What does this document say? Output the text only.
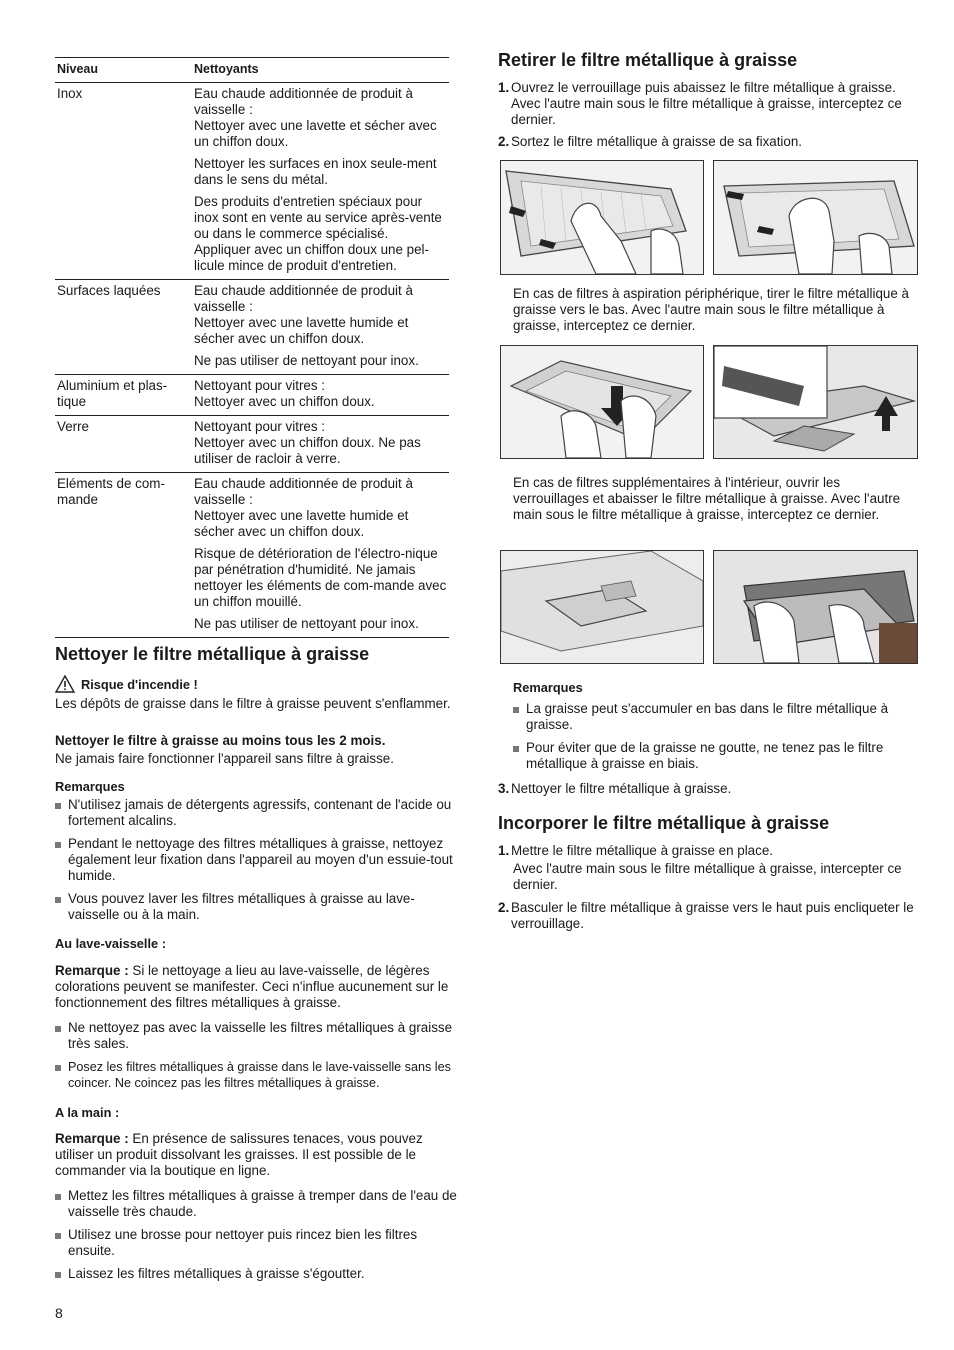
Niveau	Nettoyants
Inox	Eau chaude additionnée de produit à vaisselle :
Nettoyer avec une lavette et sécher avec un chiffon doux.

Nettoyer les surfaces en inox seule-ment dans le sens du métal.

Des produits d'entretien spéciaux pour inox sont en vente au service après-vente ou dans le commerce spécialisé. Appliquer avec un chiffon doux une pel-licule mince de produit d'entretien.

Surfaces laquées	Eau chaude additionnée de produit à vaisselle :
Nettoyer avec une lavette humide et sécher avec un chiffon doux.

Ne pas utiliser de nettoyant pour inox.

Aluminium et plas-tique	Nettoyant pour vitres :
Nettoyer avec un chiffon doux.

Verre	Nettoyant pour vitres :
Nettoyer avec un chiffon doux. Ne pas utiliser de racloir à verre.

Eléments de com-mande	Eau chaude additionnée de produit à vaisselle :
Nettoyer avec une lavette humide et sécher avec un chiffon doux.

Risque de détérioration de l'électro-nique par pénétration d'humidité. Ne jamais nettoyer les éléments de com-mande avec un chiffon mouillé.

Ne pas utiliser de nettoyant pour inox.

Nettoyer le filtre métallique à graisse
Risque d'incendie !

Les dépôts de graisse dans le filtre à graisse peuvent s'enflammer.

Nettoyer le filtre à graisse au moins tous les 2 mois.

Ne jamais faire fonctionner l'appareil sans filtre à graisse.

Remarques

N'utilisez jamais de détergents agressifs, contenant de l'acide ou fortement alcalins.
Pendant le nettoyage des filtres métalliques à graisse, nettoyez également leur fixation dans l'appareil au moyen d'un essuie-tout humide.
Vous pouvez laver les filtres métalliques à graisse au lave-vaisselle ou à la main.

Au lave-vaisselle :

Remarque : Si le nettoyage a lieu au lave-vaisselle, de légères colorations peuvent se manifester. Ceci n'influe aucunement sur le fonctionnement des filtres métalliques à graisse.

Ne nettoyez pas avec la vaisselle les filtres métalliques à graisse très sales.
Posez les filtres métalliques à graisse dans le lave-vaisselle sans les coincer. Ne coincez pas les filtres métalliques à graisse.

A la main :

Remarque : En présence de salissures tenaces, vous pouvez utiliser un produit dissolvant les graisses. Il est possible de le commander via la boutique en ligne.

Mettez les filtres métalliques à graisse à tremper dans de l'eau de vaisselle très chaude.
Utilisez une brosse pour nettoyer puis rincez bien les filtres ensuite.
Laissez les filtres métalliques à graisse s'égoutter.
Retirer le filtre métallique à graisse
1. Ouvrez le verrouillage puis abaissez le filtre métallique à graisse. Avec l'autre main sous le filtre métallique à graisse, interceptez ce dernier.
2. Sortez le filtre métallique à graisse de sa fixation.

En cas de filtres à aspiration périphérique, tirer le filtre métallique à graisse vers le bas. Avec l'autre main sous le filtre métallique à graisse, interceptez ce dernier.

En cas de filtres supplémentaires à l'intérieur, ouvrir les verrouillages et abaisser le filtre métallique à graisse. Avec l'autre main sous le filtre métallique à graisse, interceptez ce dernier.

Remarques

La graisse peut s'accumuler en bas dans le filtre métallique à graisse.
Pour éviter que de la graisse ne goutte, ne tenez pas le filtre métallique à graisse en biais.
3. Nettoyer le filtre métallique à graisse.
Incorporer le filtre métallique à graisse
1. Mettre le filtre métallique à graisse en place.

Avec l'autre main sous le filtre métallique à graisse, intercepter ce dernier.

2. Basculer le filtre métallique à graisse vers le haut puis encliqueter le verrouillage.
8
